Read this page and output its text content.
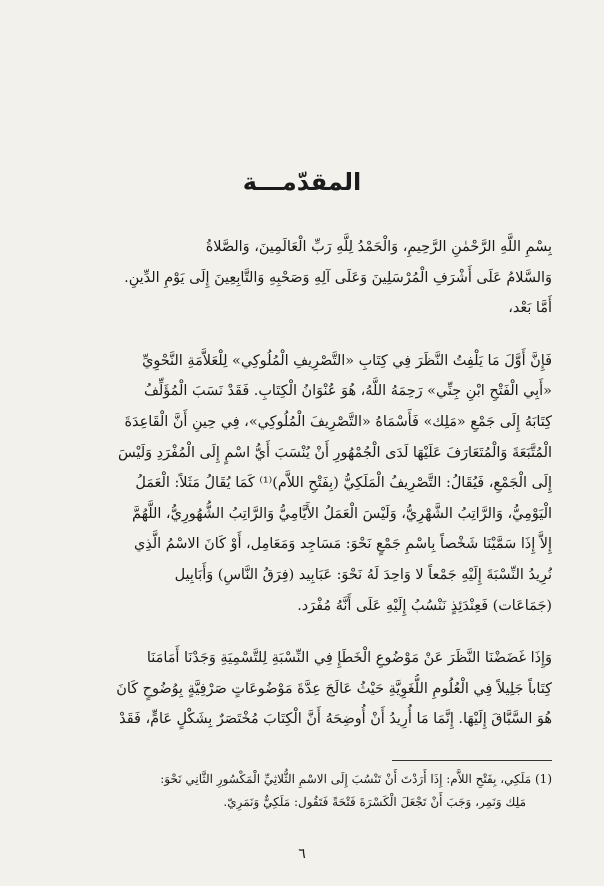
المقدّمـــة

بِسْمِ اللَّهِ الرَّحْمٰنِ الرَّحِيمِ، وَالْحَمْدُ لِلَّهِ رَبِّ الْعَالَمِينَ، وَالصَّلاةُ
وَالسَّلامُ عَلَى أَشْرَفِ الْمُرْسَلِينَ وَعَلَى آلِهِ وَصَحْبِهِ وَالتَّابِعِينَ إِلَى يَوْمِ الدِّينِ.
أَمَّا بَعْد،

فَإِنَّ أَوَّلَ مَا يَلْفِتُ النَّظَرَ فِي كِتَابِ «التَّصْرِيفِ الْمُلُوكِي» لِلْعَلاَّمَةِ النَّحْوِيِّ
«أَبِي الْفَتْحِ ابْنِ جِنِّي» رَحِمَهُ اللَّهُ، هُوَ عُنْوَانُ الْكِتَابِ. فَقَدْ نَسَبَ الْمُؤَلِّفُ
كِتَابَهُ إِلَى جَمْعِ «مَلِك» فَأَسْمَاهُ «التَّصْرِيفَ الْمُلُوكِي»، فِي حِينِ أَنَّ الْقَاعِدَةَ
الْمُتَّبَعَةَ وَالْمُتَعَارَفَ عَلَيْهَا لَدَى الْجُمْهُورِ أَنْ يُنْسَبَ أَيُّ اسْمٍ إِلَى الْمُفْرَدِ وَلَيْسَ
إِلَى الْجَمْعِ، فَيُقَالُ: التَّصْرِيفُ الْمَلَكِيُّ (بِفَتْحِ اللاَّم)⁽¹⁾ كَمَا يُقَالُ مَثَلاً: الْعَمَلُ
الْيَوْمِيُّ، وَالرَّاتِبُ الشَّهْرِيُّ، وَلَيْسَ الْعَمَلُ الأَيَّامِيُّ وَالرَّاتِبُ الشُّهُورِيُّ، اللَّهُمَّ
إِلاَّ إِذَا سَمَّيْنَا شَخْصاً بِاسْمِ جَمْعٍ نَحْوَ: مَسَاجِد وَمَعَامِل، أَوْ كَانَ الاسْمُ الَّذِي
نُرِيدُ النِّسْبَةَ إِلَيْهِ جَمْعاً لا وَاحِدَ لَهُ نَحْوَ: عَبَابِيد (فِرَقُ النَّاسِ) وَأَبَابِيل
(جَمَاعَات) فَعِنْدَئِذٍ نَنْسُبُ إِلَيْهِ عَلَى أَنَّهُ مُفْرَد.

وَإِذَا غَضَضْنَا النَّظَرَ عَنْ مَوْضُوعِ الْخَطَإِ فِي النِّسْبَةِ لِلتَّسْمِيَةِ وَجَدْنَا أَمَامَنَا
كِتَاباً جَلِيلاً فِي الْعُلُومِ اللُّغَوِيَّةِ حَيْثُ عَالَجَ عِدَّةَ مَوْضُوعَاتٍ صَرْفِيَّةٍ بِوُضُوحٍ كَانَ
هُوَ السَّبَّاقَ إِلَيْهَا. إِنَّمَا مَا أُرِيدُ أَنْ أُوضِحَهُ أَنَّ الْكِتَابَ مُخْتَصَرٌ بِشَكْلٍ عَامٍّ، فَقَدْ

(1) مَلَكِي، بِفَتْحِ اللاَّم: إِذَا أَرَدْتَ أَنْ تَنْسُبَ إِلَى الاسْمِ الثُّلاثِيِّ الْمَكْسُورِ الثَّانِي نَحْوَ:
مَلِك وَنَمِر، وَجَبَ أَنْ تَجْعَلَ الْكَسْرَةَ فَتْحَةً فَتَقُول: مَلَكِيٌّ وَنَمَرِيّ.
٦
